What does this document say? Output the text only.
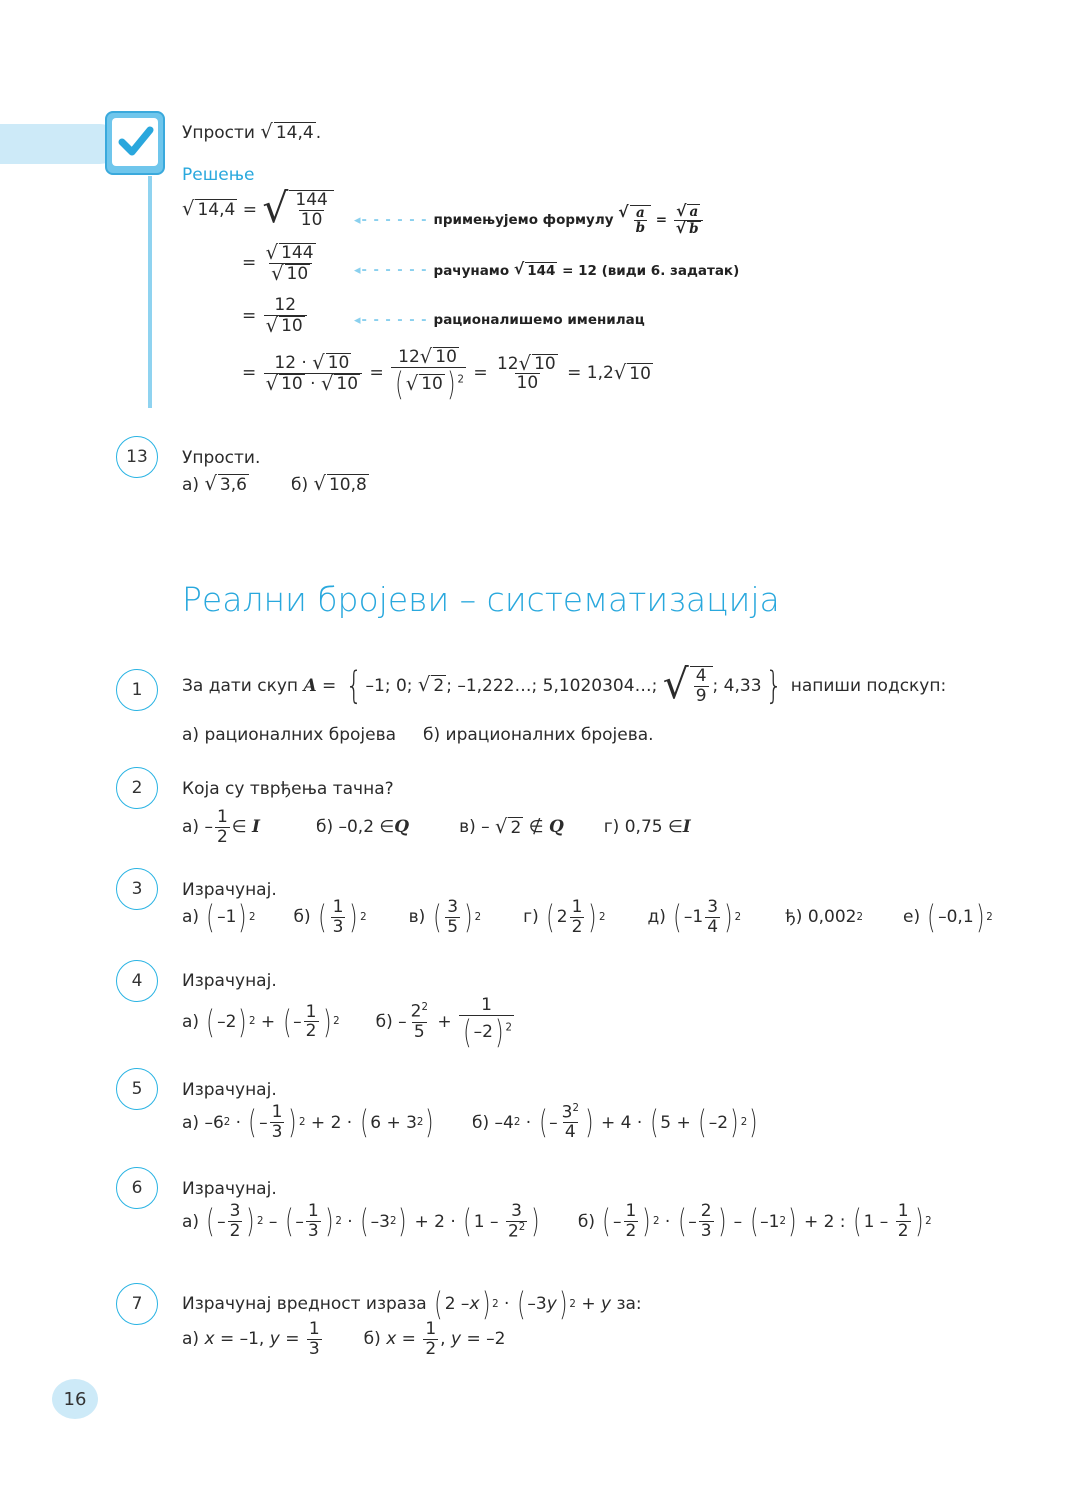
Упрости
√ 14,4 .
Решење
√ 14,4 = √ $\frac{144}{10}$ ◂- - - - - - примењујемо формулу
√ a
b =
√ a
√ b
= √ 144
√ 10	◂- - - - - - рачунамо
√ 144
= 12 (види 6. задатак)
=
12
√ 10	◂- - - - - - рационалишемо именилац
=
12 · √ 10
√ 10 · √ 10
=
12 √ 10
( √ 10 ) $^2$ = 12 √ 10
10 = 1,2 √ 10
13	Упрости.
а)
√ 3,6	б)
√ 10,8
Реални бројеви – систематизација
1	За дати скуп
A = { –1; 0;
√ 2 ; –1,222…; 5,1020304…;
√ $\frac{4}{9}$ ; 4,33 }
напиши подскуп:
а) рационалних бројева     б) ирационалних бројева.
2	Која су тврђења тачна?
$а) - \frac{1}{2}$ ∈
I	б) –0,2 ∈ Q	в) –
√ 2
∉
Q г) 0,75 ∈ I
3	Израчунај.
а)
( –1 ) 2 б)
( $\frac{1}{3}$ ) 2 в)
( $\frac{3}{5}$ ) 2 г)
( $2 \frac{1}{2}$ ) 2 д)
( $-1 \frac{3}{4}$ ) 2	ђ) 0,002 2 е)
( –0,1 ) 2
4	Израчунај.
а)
( –2 ) 2
+
( – $\frac{1}{2}$ ) 2 $б) - 2^2$
5
+
$\frac{1}{( -2) ^2}$
5	Израчунај.
а) –6 2
·
( – $\frac{1}{3}$ ) 2
+ 2 ·
( 6 + 3 2 ) б) –4 2
·
( – $3^2$
4 )
+ 4 ·
( 5 +
( –2 ) 2 )
6	Израчунај.
а)
( – $\frac{3}{2}$ ) 2
–
( – $\frac{1}{3}$ ) 2
·
( –3 2 )
+ 2 ·
( 1 –

3
$2^2$ ) б)
( – $\frac{1}{2}$ ) 2
·
( – $\frac{2}{3}$ )
–
( –1 2 )
+ 2 :
( 1 –
$\frac{1}{2}$ ) 2
7	Израчунај вредност израза
( 2 – x ) 2
·
( –3 y ) 2
+
y
за:
а)
x
= –1,
y
=
$\frac{1}{3} б$)
x
=
$\frac{1}{2}$ , y
= –2
16
